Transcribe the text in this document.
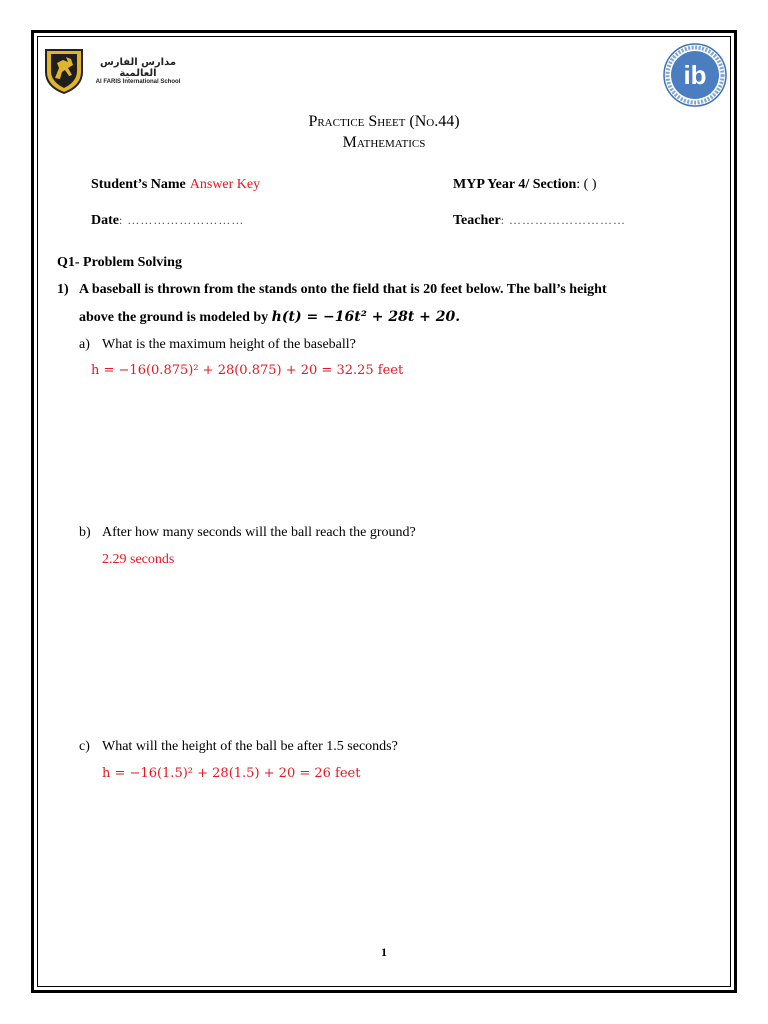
مدارس الفارس العالمية
Al FARIS International School	ib
Practice Sheet (No.44)
Mathematics
Student’s Name Answer Key	MYP Year 4/ Section: ( )
Date: ………………………	Teacher: ………………………
Q1- Problem Solving
1) A baseball is thrown from the stands onto the field that is 20 feet below. The ball’s height
above the ground is modeled by h(t) = −16t² + 28t + 20.
a) What is the maximum height of the baseball?
h = −16(0.875)² + 28(0.875) + 20 = 32.25 feet
b) After how many seconds will the ball reach the ground?
2.29 seconds
c) What will the height of the ball be after 1.5 seconds?
h = −16(1.5)² + 28(1.5) + 20 = 26 feet
1
